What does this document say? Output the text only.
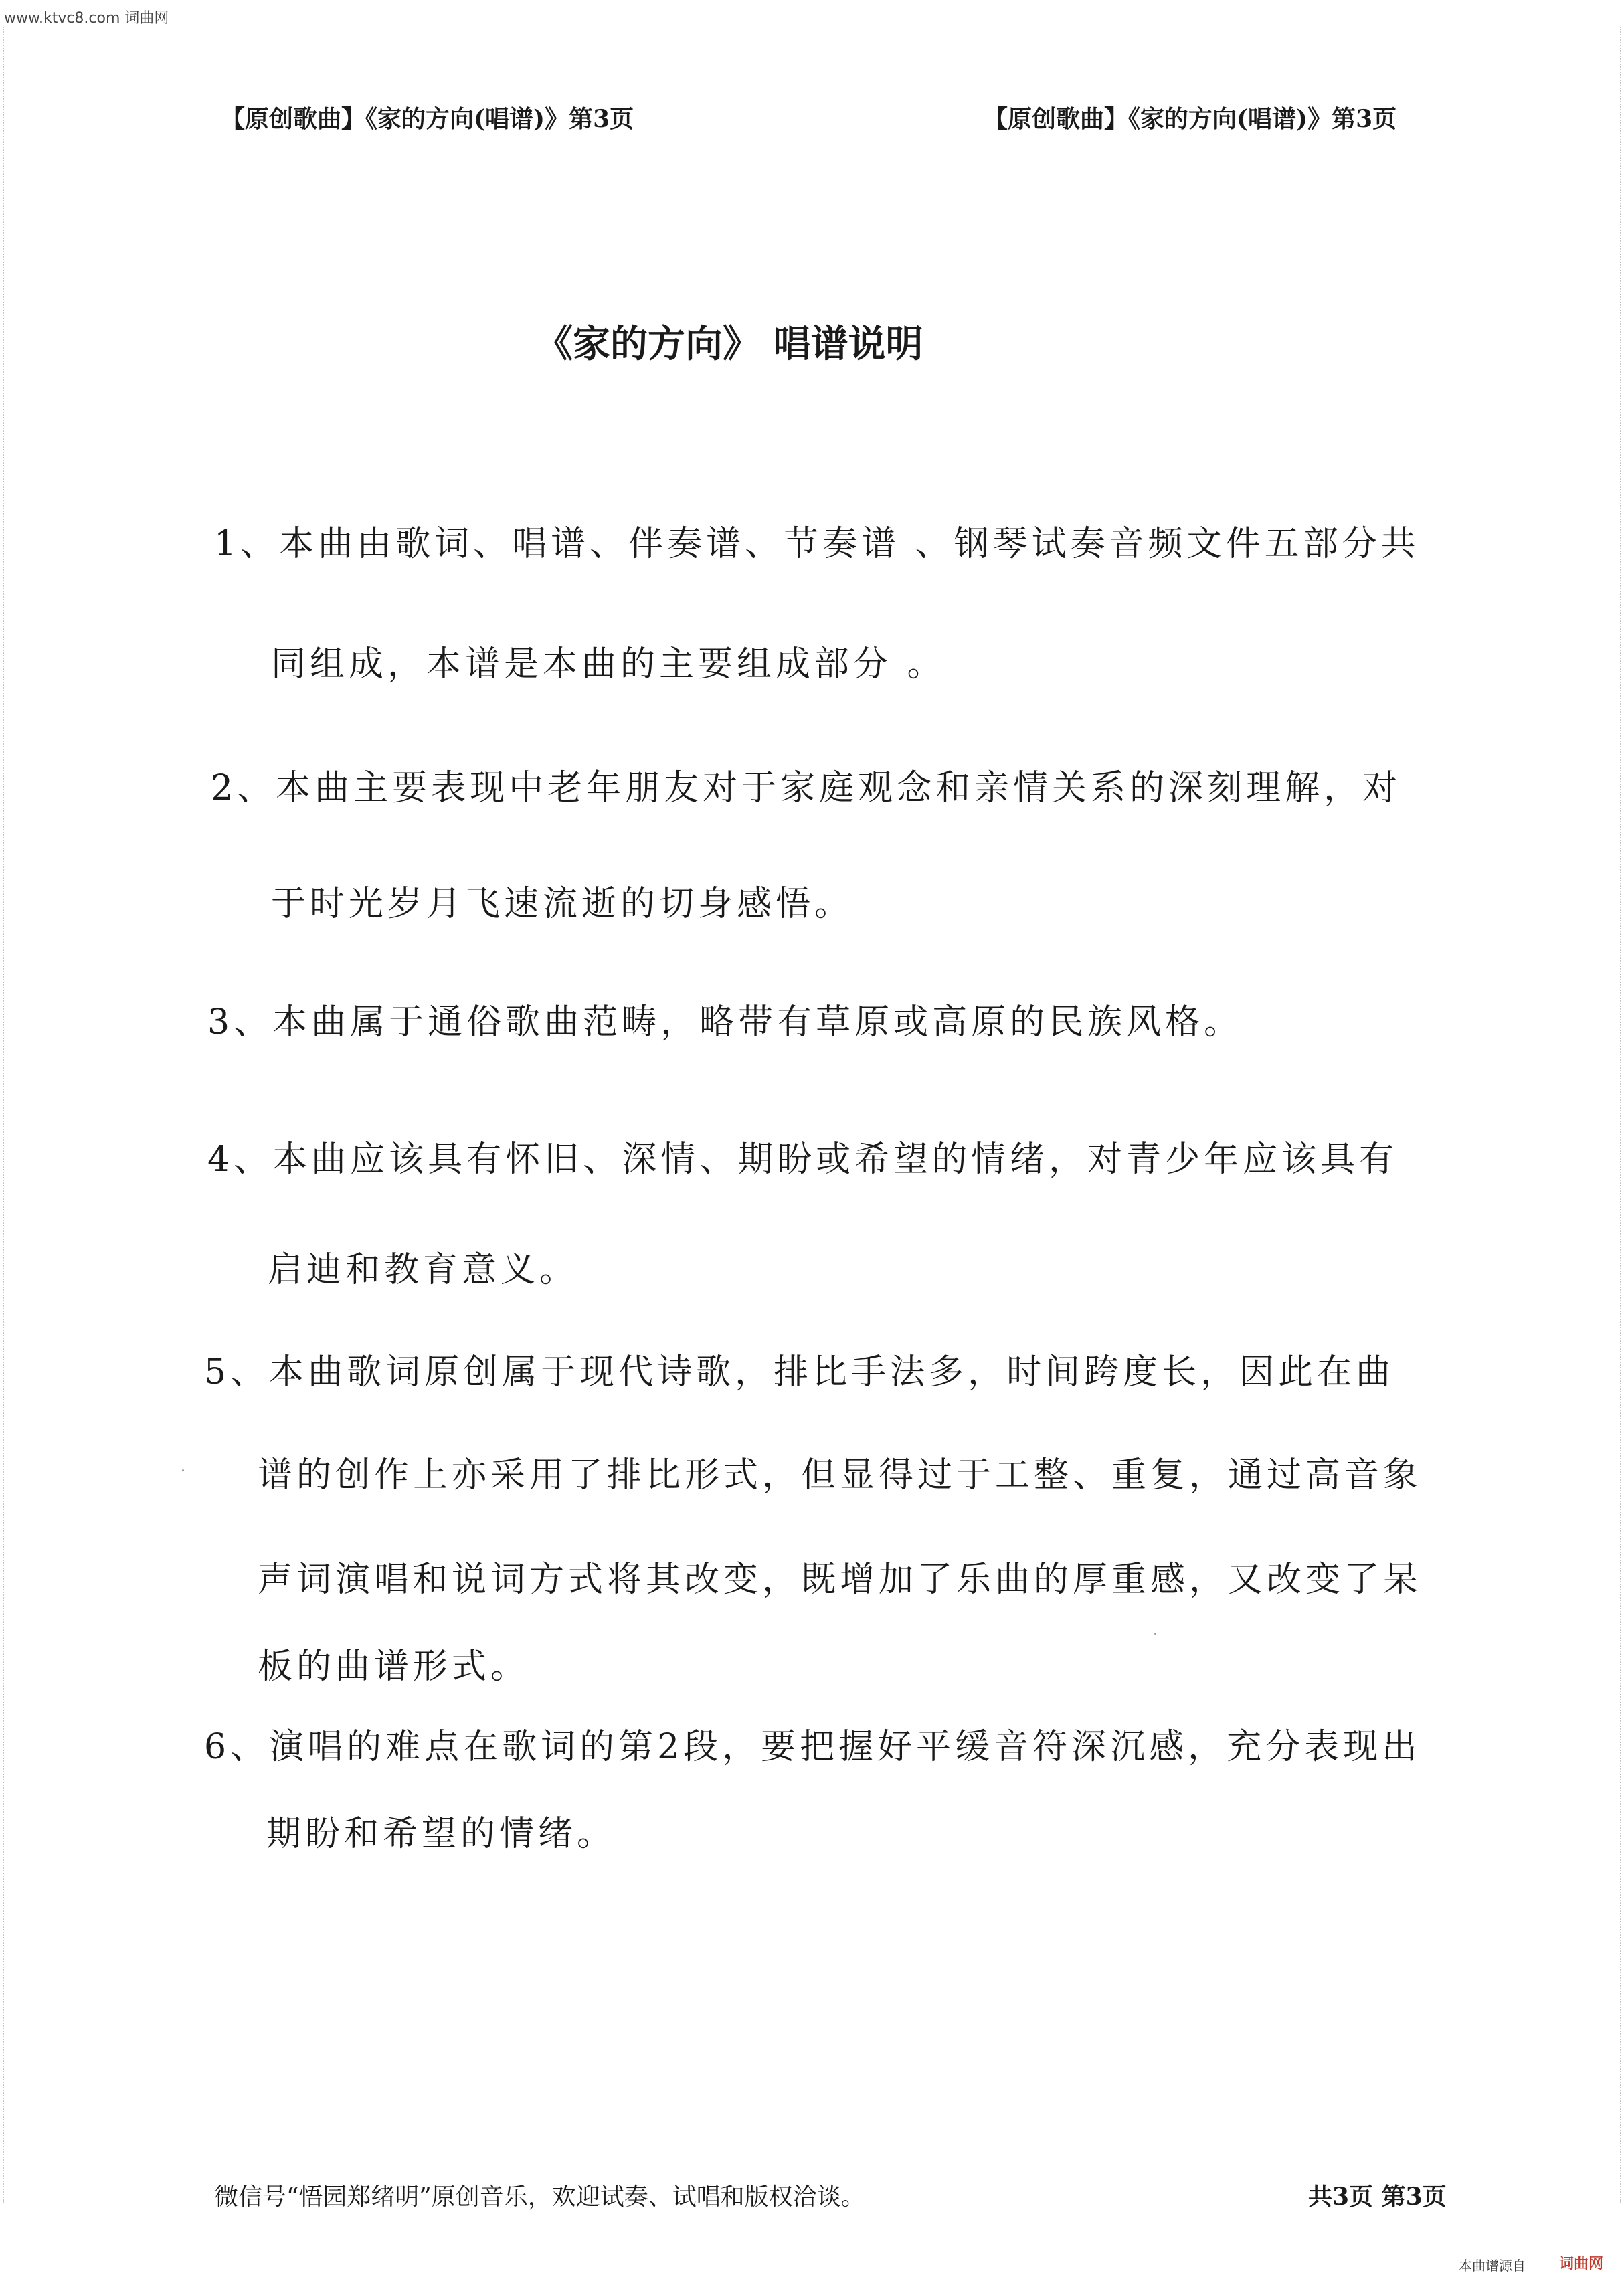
www.ktvc8.com 词曲网
【原创歌曲】《家的方向(唱谱)》第3页	【原创歌曲】《家的方向(唱谱)》第3页
《家的方向》 唱谱说明
1、本曲由歌词、唱谱、伴奏谱、节奏谱 、钢琴试奏音频文件五部分共
同组成，本谱是本曲的主要组成部分 。
2、本曲主要表现中老年朋友对于家庭观念和亲情关系的深刻理解，对
于时光岁月飞速流逝的切身感悟。
3、本曲属于通俗歌曲范畴，略带有草原或高原的民族风格。
4、本曲应该具有怀旧、深情、期盼或希望的情绪，对青少年应该具有
启迪和教育意义。
5、本曲歌词原创属于现代诗歌，排比手法多，时间跨度长，因此在曲
谱的创作上亦采用了排比形式，但显得过于工整、重复，通过高音象
声词演唱和说词方式将其改变，既增加了乐曲的厚重感，又改变了呆
板的曲谱形式。
6、演唱的难点在歌词的第2段，要把握好平缓音符深沉感，充分表现出
期盼和希望的情绪。
微信号“悟园郑绪明”原创音乐，欢迎试奏、试唱和版权洽谈。	共3页 第3页
本曲谱源自 词曲网
